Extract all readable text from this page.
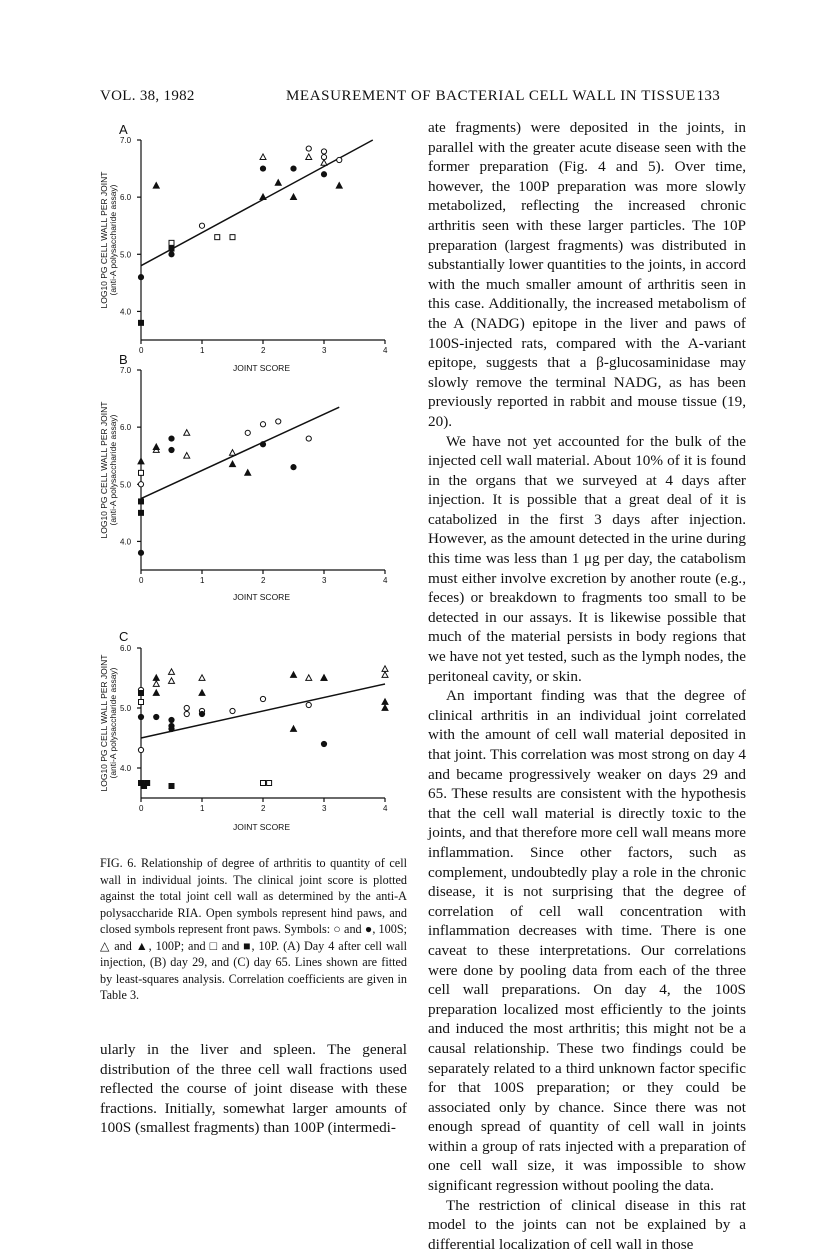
VOL. 38, 1982	MEASUREMENT OF BACTERIAL CELL WALL IN TISSUE 133
A
0	1	2	3	4
4.0
5.0
6.0
7.0
JOINT SCORE
LOG10 PG CELL WALL PER JOINT (anti-A polysaccharide assay)
B
0	1	2	3	4
4.0
5.0
6.0
7.0
JOINT SCORE
LOG10 PG CELL WALL PER JOINT (anti-A polysaccharide assay)
C
0	1	2	3	4
4.0
5.0
6.0
JOINT SCORE
LOG10 PG CELL WALL PER JOINT (anti-A polysaccharide assay)

FIG. 6. Relationship of degree of arthritis to quantity of cell wall in individual joints. The clinical joint score is plotted against the total joint cell wall as determined by the anti-A polysaccharide RIA. Open symbols represent hind paws, and closed symbols represent front paws. Symbols: ○ and ●, 100S; △ and ▲, 100P; and □ and ■, 10P. (A) Day 4 after cell wall injection, (B) day 29, and (C) day 65. Lines shown are fitted by least-squares analysis. Correlation coefficients are given in Table 3.

ularly in the liver and spleen. The general distribution of the three cell wall fractions used reflected the course of joint disease with these fractions. Initially, somewhat larger amounts of 100S (smallest fragments) than 100P (intermedi-

ate fragments) were deposited in the joints, in parallel with the greater acute disease seen with the former preparation (Fig. 4 and 5). Over time, however, the 100P preparation was more slowly metabolized, reflecting the increased chronic arthritis seen with these larger particles. The 10P preparation (largest fragments) was distributed in substantially lower quantities to the joints, in accord with the much smaller amount of arthritis seen in this case. Additionally, the increased metabolism of the A (NADG) epitope in the liver and paws of 100S-injected rats, compared with the A-variant epitope, suggests that a β-glucosaminidase may slowly remove the terminal NADG, as has been previously reported in rabbit and mouse tissue (19, 20).

We have not yet accounted for the bulk of the injected cell wall material. About 10% of it is found in the organs that we surveyed at 4 days after injection. It is possible that a great deal of it is catabolized in the first 3 days after injection. However, as the amount detected in the urine during this time was less than 1 μg per day, the catabolism must either involve excretion by another route (e.g., feces) or breakdown to fragments too small to be detected in our assays. It is likewise possible that much of the material persists in body regions that we have not yet tested, such as the lymph nodes, the peritoneal cavity, or skin.

An important finding was that the degree of clinical arthritis in an individual joint correlated with the amount of cell wall material deposited in that joint. This correlation was most strong on day 4 and became progressively weaker on days 29 and 65. These results are consistent with the hypothesis that the cell wall material is directly toxic to the joints, and that therefore more cell wall means more inflammation. Since other factors, such as complement, undoubtedly play a role in the chronic disease, it is not surprising that the degree of correlation of cell wall concentration with inflammation decreases with time. There is one caveat to these interpretations. Our correlations were done by pooling data from each of the three cell wall preparations. On day 4, the 100S preparation localized most efficiently to the joints and induced the most arthritis; this might not be a causal relationship. These two findings could be separately related to a third unknown factor specific for that 100S preparation; or they could be associated only by chance. Since there was not enough spread of quantity of cell wall in joints within a group of rats injected with a preparation of one cell wall size, it was impossible to show significant regression without pooling the data.

The restriction of clinical disease in this rat model to the joints can not be explained by a differential localization of cell wall in those
